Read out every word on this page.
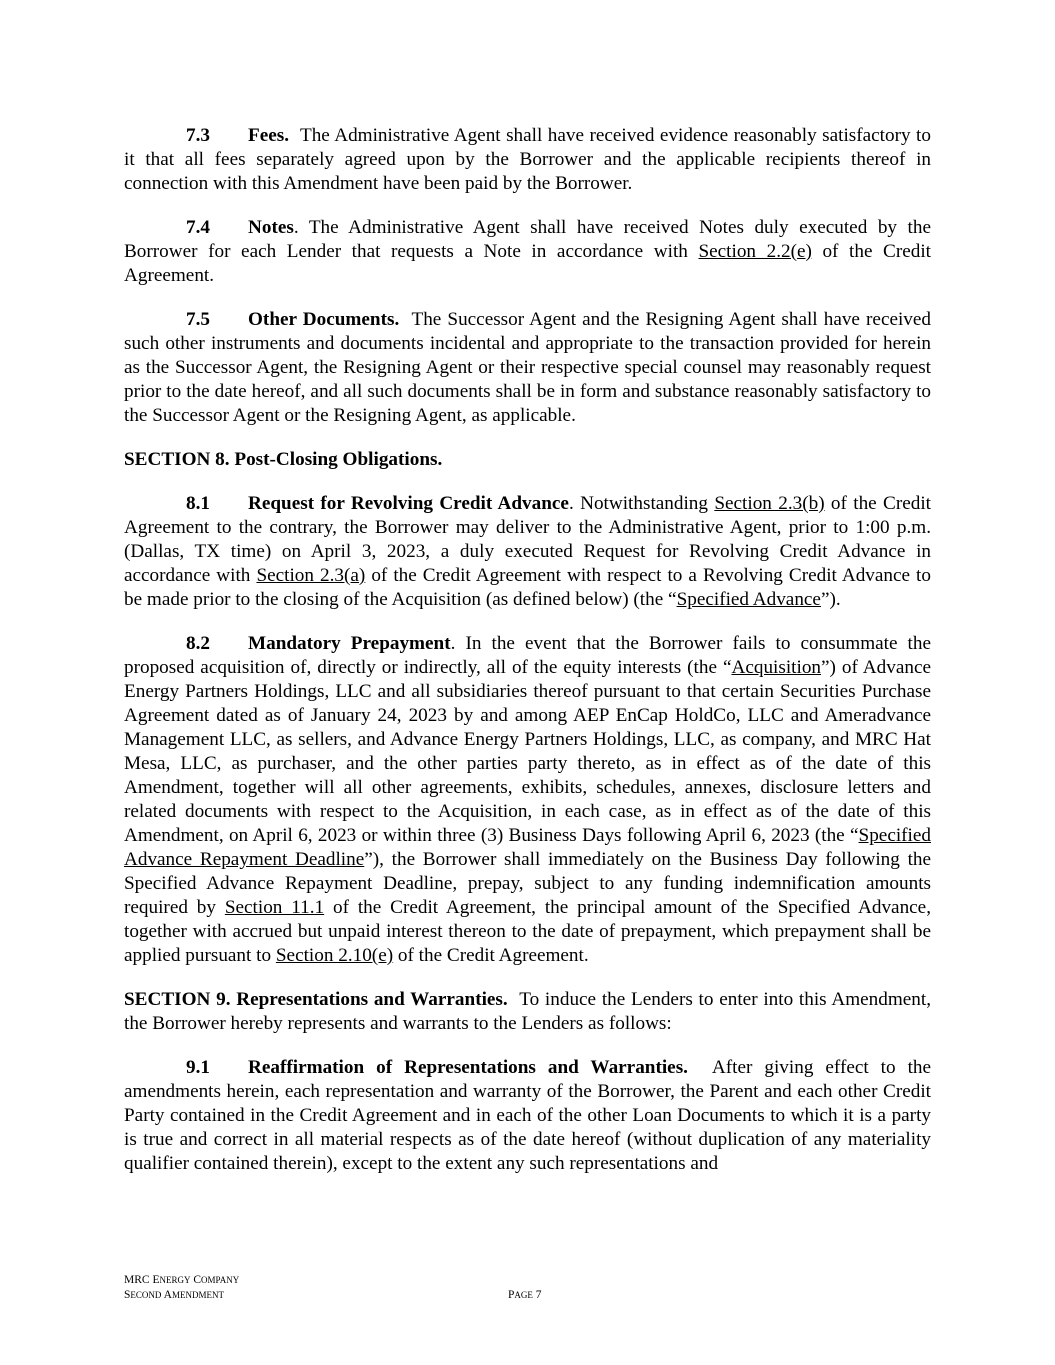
7.3 Fees. The Administrative Agent shall have received evidence reasonably satisfactory to it that all fees separately agreed upon by the Borrower and the applicable recipients thereof in connection with this Amendment have been paid by the Borrower.

7.4 Notes. The Administrative Agent shall have received Notes duly executed by the Borrower for each Lender that requests a Note in accordance with Section 2.2(e) of the Credit Agreement.

7.5 Other Documents. The Successor Agent and the Resigning Agent shall have received such other instruments and documents incidental and appropriate to the transaction provided for herein as the Successor Agent, the Resigning Agent or their respective special counsel may reasonably request prior to the date hereof, and all such documents shall be in form and substance reasonably satisfactory to the Successor Agent or the Resigning Agent, as applicable.

SECTION 8. Post-Closing Obligations.

8.1 Request for Revolving Credit Advance. Notwithstanding Section 2.3(b) of the Credit Agreement to the contrary, the Borrower may deliver to the Administrative Agent, prior to 1:00 p.m. (Dallas, TX time) on April 3, 2023, a duly executed Request for Revolving Credit Advance in accordance with Section 2.3(a) of the Credit Agreement with respect to a Revolving Credit Advance to be made prior to the closing of the Acquisition (as defined below) (the “Specified Advance”).

8.2 Mandatory Prepayment. In the event that the Borrower fails to consummate the proposed acquisition of, directly or indirectly, all of the equity interests (the “Acquisition”) of Advance Energy Partners Holdings, LLC and all subsidiaries thereof pursuant to that certain Securities Purchase Agreement dated as of January 24, 2023 by and among AEP EnCap HoldCo, LLC and Ameradvance Management LLC, as sellers, and Advance Energy Partners Holdings, LLC, as company, and MRC Hat Mesa, LLC, as purchaser, and the other parties party thereto, as in effect as of the date of this Amendment, together will all other agreements, exhibits, schedules, annexes, disclosure letters and related documents with respect to the Acquisition, in each case, as in effect as of the date of this Amendment, on April 6, 2023 or within three (3) Business Days following April 6, 2023 (the “Specified Advance Repayment Deadline”), the Borrower shall immediately on the Business Day following the Specified Advance Repayment Deadline, prepay, subject to any funding indemnification amounts required by Section 11.1 of the Credit Agreement, the principal amount of the Specified Advance, together with accrued but unpaid interest thereon to the date of prepayment, which prepayment shall be applied pursuant to Section 2.10(e) of the Credit Agreement.

SECTION 9. Representations and Warranties. To induce the Lenders to enter into this Amendment, the Borrower hereby represents and warrants to the Lenders as follows:

9.1 Reaffirmation of Representations and Warranties. After giving effect to the amendments herein, each representation and warranty of the Borrower, the Parent and each other Credit Party contained in the Credit Agreement and in each of the other Loan Documents to which it is a party is true and correct in all material respects as of the date hereof (without duplication of any materiality qualifier contained therein), except to the extent any such representations and

MRC ENERGY COMPANY
SECOND AMENDMENT	PAGE 7
